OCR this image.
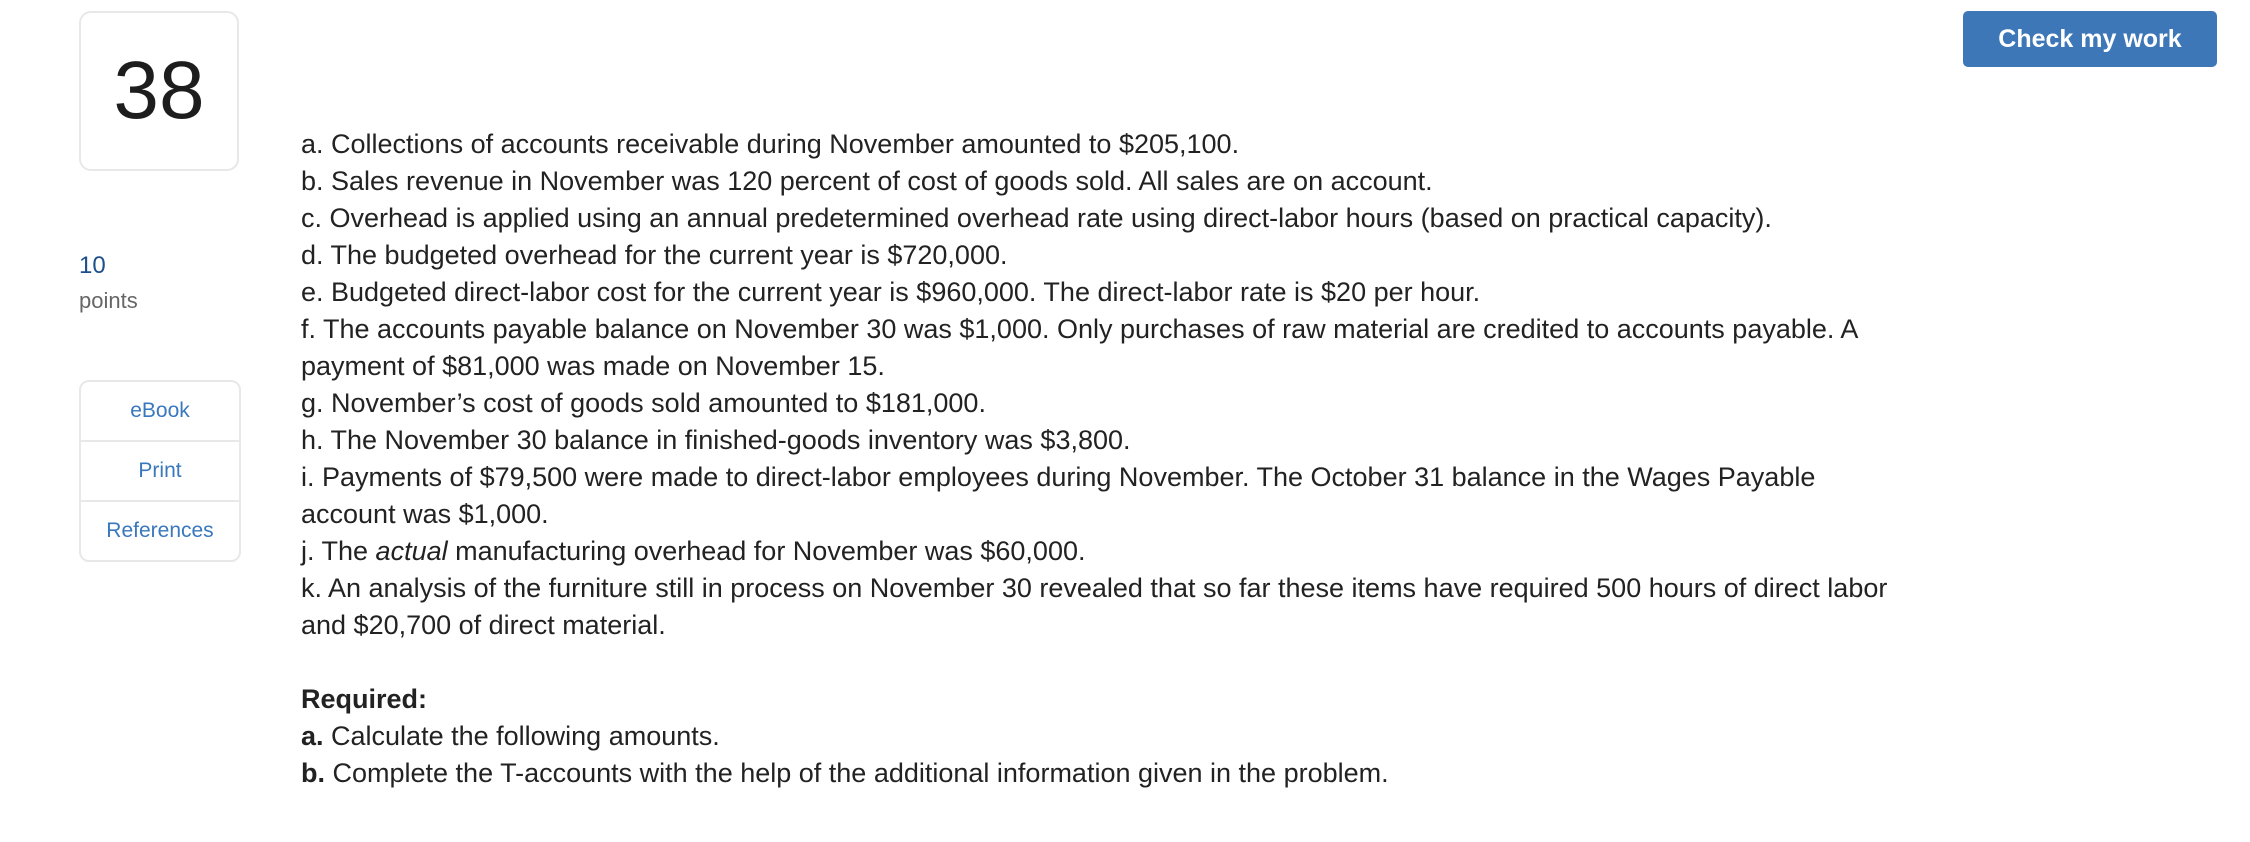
38
10
points
eBook
Print
References
Check my work
a. Collections of accounts receivable during November amounted to $205,100.
b. Sales revenue in November was 120 percent of cost of goods sold. All sales are on account.
c. Overhead is applied using an annual predetermined overhead rate using direct-labor hours (based on practical capacity).
d. The budgeted overhead for the current year is $720,000.
e. Budgeted direct-labor cost for the current year is $960,000. The direct-labor rate is $20 per hour.
f. The accounts payable balance on November 30 was $1,000. Only purchases of raw material are credited to accounts payable. A
payment of $81,000 was made on November 15.
g. November’s cost of goods sold amounted to $181,000.
h. The November 30 balance in finished-goods inventory was $3,800.
i. Payments of $79,500 were made to direct-labor employees during November. The October 31 balance in the Wages Payable
account was $1,000.
j. The actual manufacturing overhead for November was $60,000.
k. An analysis of the furniture still in process on November 30 revealed that so far these items have required 500 hours of direct labor
and $20,700 of direct material.
Required:
a. Calculate the following amounts.
b. Complete the T-accounts with the help of the additional information given in the problem.
